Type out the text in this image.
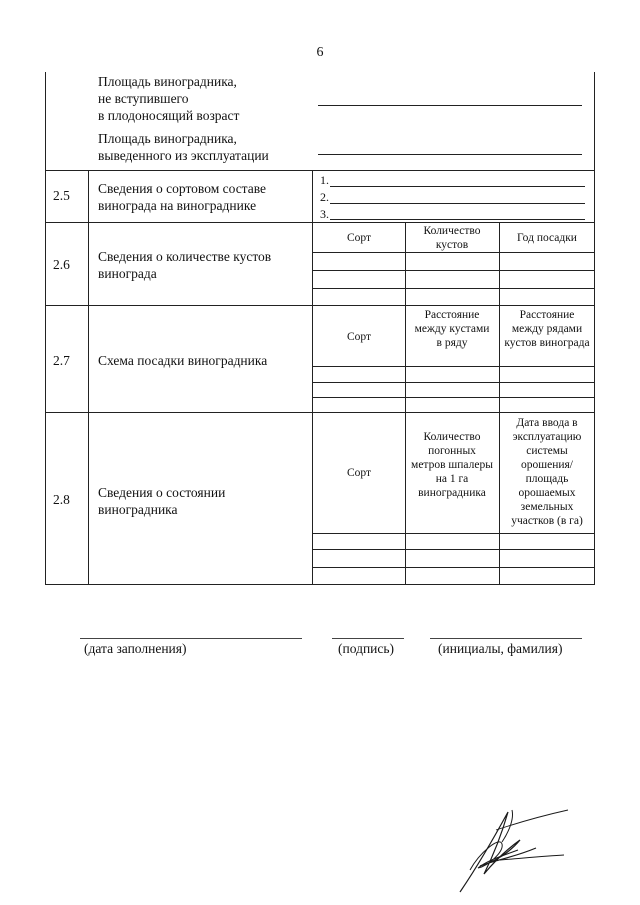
6
Площадь виноградника,
не вступившего
в плодоносящий возраст
Площадь виноградника,
выведенного из эксплуатации
2.5 Сведения о сортовом составе
винограда на винограднике
1.
2.
3.
2.6
Сведения о количестве кустов
винограда
Сорт
Количество кустов
Год посадки
2.7 Схема посадки виноградника
Сорт
Расстояние между кустами в ряду
Расстояние между рядами кустов винограда
2.8 Сведения о состоянии
виноградника
Сорт
Количество погонных метров шпалеры на 1 га виноградника
Дата ввода в эксплуатацию системы орошения/ площадь орошаемых земельных участков (в га)
(дата заполнения)	(подпись)	(инициалы, фамилия)
